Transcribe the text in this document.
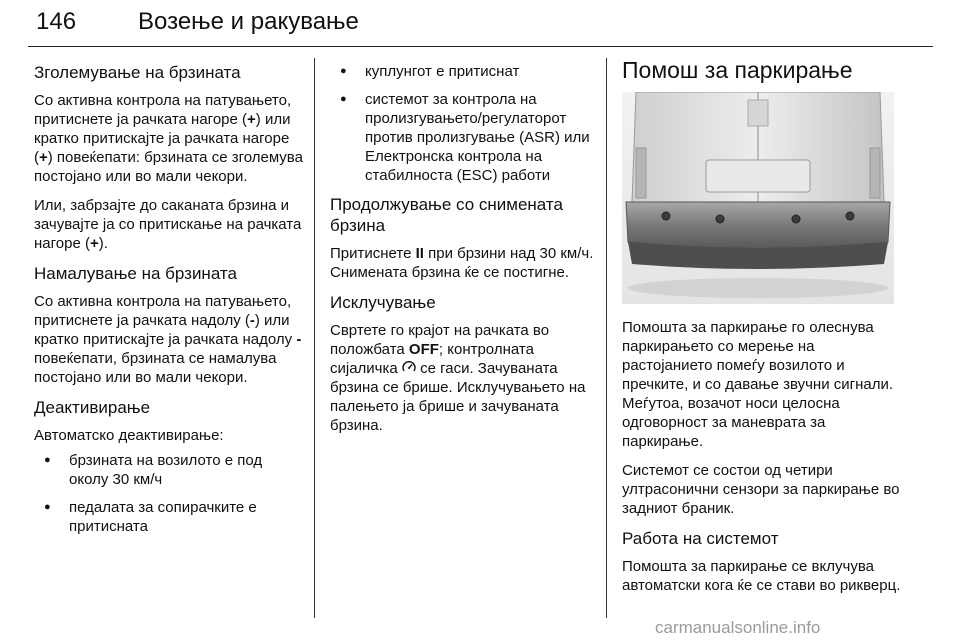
146	Возење и ракување
Зголемување на брзината

Со активна контрола на патувањето, притиснете ја рачката нагоре (+) или кратко притискајте ја рачката нагоре (+) повеќепати: брзината се зголемува постојано или во мали чекори.

Или, забрзајте до саканата брзина и зачувајте ја со притискање на рачката нагоре (+).

Намалување на брзината

Со активна контрола на патувањето, притиснете ја рачката надолу (-) или кратко притискајте ја рачката надолу - повеќепати, брзината се намалува постојано или во мали чекори.

Деактивирање

Автоматско деактивирање:

● брзината на возилото е под околу 30 км/ч
● педалата за сопирачките е притисната
● куплунгот е притиснат
● системот за контрола на пролизгувањето/регулаторот против пролизгување (ASR) или Електронска контрола на стабилноста (ESC) работи
Продолжување со снимената брзина

Притиснете II при брзини над 30 км/ч. Снимената брзина ќе се постигне.

Исклучување

Свртете го крајот на рачката во положбата OFF; контролната сијаличка  се гаси. Зачуваната брзина се брише. Исклучувањето на палењето ја брише и зачуваната брзина.

Помош за паркирање

Помошта за паркирање го олеснува паркирањето со мерење на растојанието помеѓу возилото и пречките, и со давање звучни сигнали. Меѓутоа, возачот носи целосна одговорност за маневрата за паркирање.

Системот се состои од четири ултрасонични сензори за паркирање во задниот браник.

Работа на системот

Помошта за паркирање се вклучува автоматски кога ќе се стави во рикверц.

carmanualsonline.info
